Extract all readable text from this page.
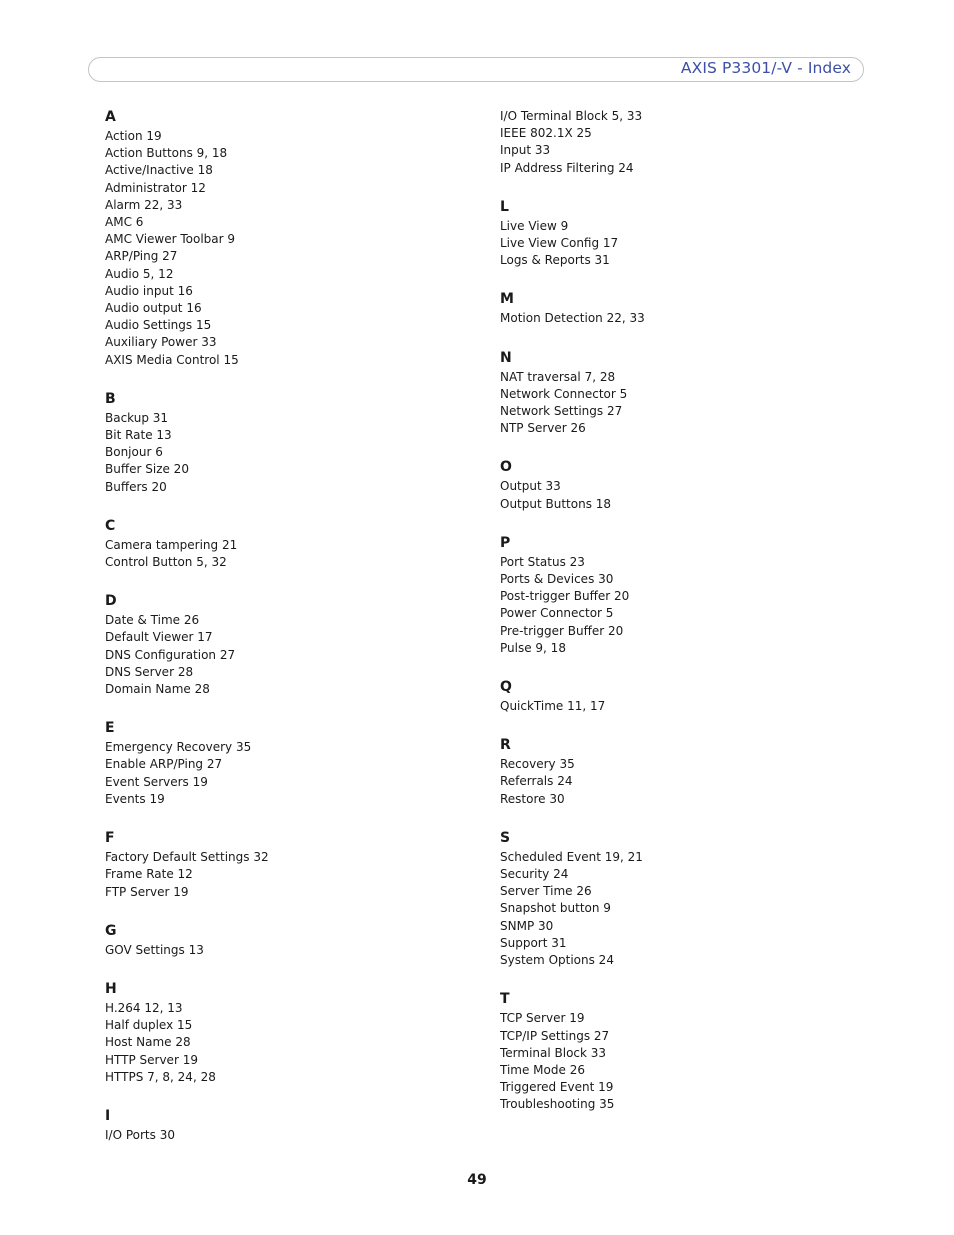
AXIS P3301/-V - Index
A
Action 19
Action Buttons 9, 18
Active/Inactive 18
Administrator 12
Alarm 22, 33
AMC 6
AMC Viewer Toolbar 9
ARP/Ping 27
Audio 5, 12
Audio input 16
Audio output 16
Audio Settings 15
Auxiliary Power 33
AXIS Media Control 15
B
Backup 31
Bit Rate 13
Bonjour 6
Buffer Size 20
Buffers 20
C
Camera tampering 21
Control Button 5, 32
D
Date & Time 26
Default Viewer 17
DNS Configuration 27
DNS Server 28
Domain Name 28
E
Emergency Recovery 35
Enable ARP/Ping 27
Event Servers 19
Events 19
F
Factory Default Settings 32
Frame Rate 12
FTP Server 19
G
GOV Settings 13
H
H.264 12, 13
Half duplex 15
Host Name 28
HTTP Server 19
HTTPS 7, 8, 24, 28
I
I/O Ports 30
I/O Terminal Block 5, 33
IEEE 802.1X 25
Input 33
IP Address Filtering 24
L
Live View 9
Live View Config 17
Logs & Reports 31
M
Motion Detection 22, 33
N
NAT traversal 7, 28
Network Connector 5
Network Settings 27
NTP Server 26
O
Output 33
Output Buttons 18
P
Port Status 23
Ports & Devices 30
Post-trigger Buffer 20
Power Connector 5
Pre-trigger Buffer 20
Pulse 9, 18
Q
QuickTime 11, 17
R
Recovery 35
Referrals 24
Restore 30
S
Scheduled Event 19, 21
Security 24
Server Time 26
Snapshot button 9
SNMP 30
Support 31
System Options 24
T
TCP Server 19
TCP/IP Settings 27
Terminal Block 33
Time Mode 26
Triggered Event 19
Troubleshooting 35
49
